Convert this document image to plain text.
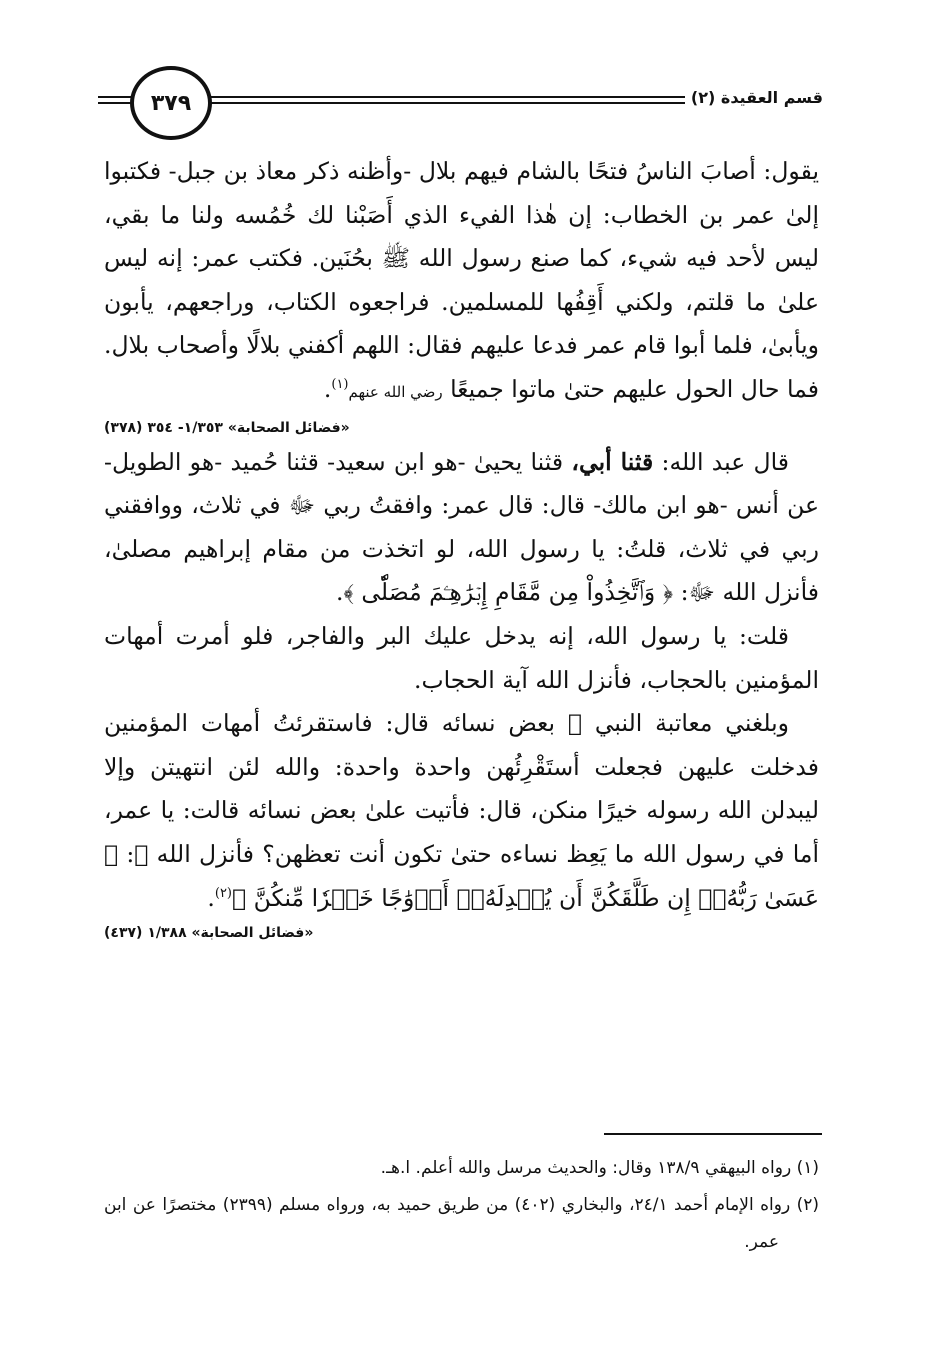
٣٧٩	قسم العقيدة (٢)

يقول: أصابَ الناسُ فتحًا بالشام فيهم بلال -وأظنه ذكر معاذ بن جبل- فكتبوا إلىٰ عمر بن الخطاب: إن هٰذا الفيء الذي أَصَبْنا لك خُمُسه ولنا ما بقي، ليس لأحد فيه شيء، كما صنع رسول الله ﷺ بحُنَين. فكتب عمر: إنه ليس علىٰ ما قلتم، ولكني أَقِفُها للمسلمين. فراجعوه الكتاب، وراجعهم، يأبون ويأبىٰ، فلما أبوا قام عمر فدعا عليهم فقال: اللهم أكفني بلالًا وأصحاب بلال. فما حال الحول عليهم حتىٰ ماتوا جميعًا رضي الله عنهم$^{(١)}$.

«فضائل الصحابة» ١/٣٥٣- ٣٥٤ (٣٧٨)

قال عبد الله: قثنا أبي، قثنا يحيىٰ -هو ابن سعيد- قثنا حُميد -هو الطويل- عن أنس -هو ابن مالك- قال: قال عمر: وافقتُ ربي ﷻ في ثلاث، ووافقني ربي في ثلاث، قلتُ: يا رسول الله، لو اتخذت من مقام إبراهيم مصلىٰ، فأنزل الله ﷻ: ﴿ وَٱتَّخِذُواْ مِن مَّقَامِ إِبۡرَٰهِـۧمَ مُصَلّٗى ﴾.

قلت: يا رسول الله، إنه يدخل عليك البر والفاجر، فلو أمرت أمهات المؤمنين بالحجاب، فأنزل الله آية الحجاب.

وبلغني معاتبة النبي ﷺ بعض نسائه قال: فاستقرئتُ أمهات المؤمنين فدخلت عليهن فجعلت أستَقْرِئُهن واحدة واحدة: والله لئن انتهيتن وإلا ليبدلن الله رسوله خيرًا منكن، قال: فأتيت علىٰ بعض نسائه قالت: يا عمر، أما في رسول الله ما يَعِظ نساءه حتىٰ تكون أنت تعظهن؟ فأنزل الله ﷻ: ﴿ عَسَىٰ رَبُّهُۥٓ إِن طَلَّقَكُنَّ أَن يُبۡدِلَهُۥٓ أَزۡوَٰجًا خَيۡرٗا مِّنكُنَّ ﴾$^{(٢)}$.

«فضائل الصحابة» ١/٣٨٨ (٤٣٧)

(١) رواه البيهقي ١٣٨/٩ وقال: والحديث مرسل والله أعلم. ا.هـ.

(٢) رواه الإمام أحمد ٢٤/١، والبخاري (٤٠٢) من طريق حميد به، ورواه مسلم (٢٣٩٩) مختصرًا عن ابن عمر.
